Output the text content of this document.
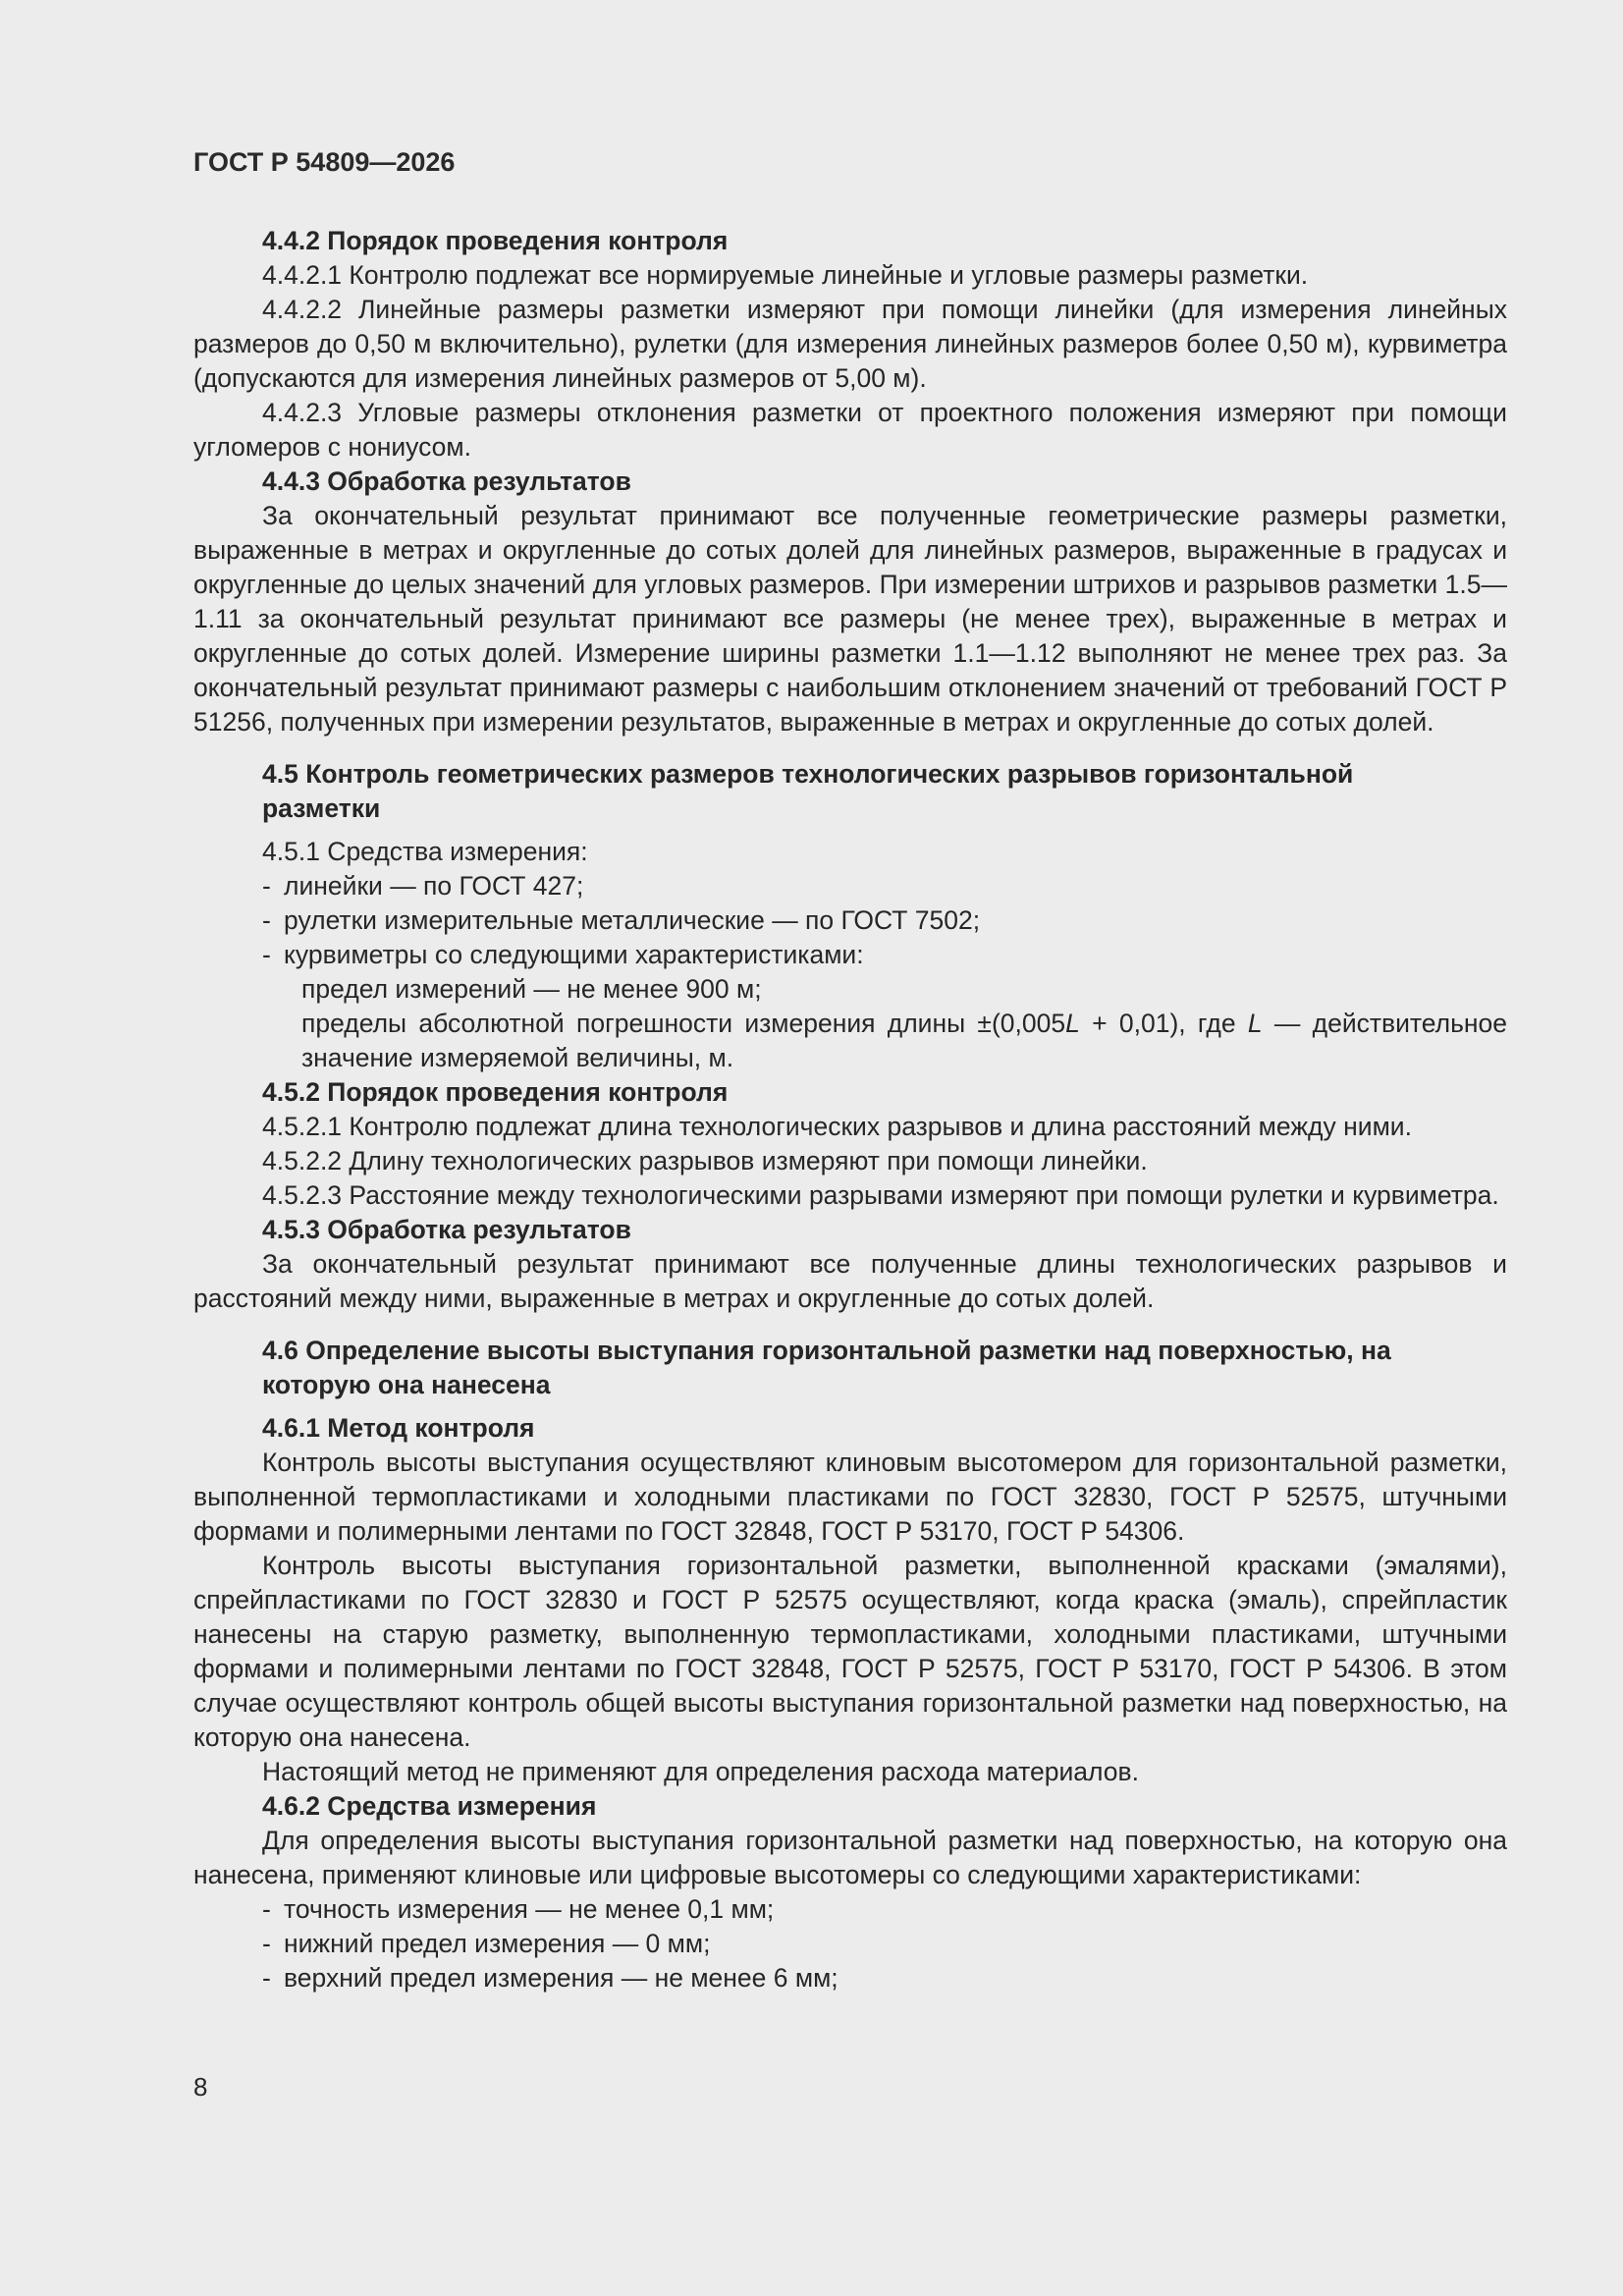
ГОСТ Р 54809—2026

4.4.2 Порядок проведения контроля

4.4.2.1 Контролю подлежат все нормируемые линейные и угловые размеры разметки.

4.4.2.2 Линейные размеры разметки измеряют при помощи линейки (для измерения линейных размеров до 0,50 м включительно), рулетки (для измерения линейных размеров более 0,50 м), курвиметра (допускаются для измерения линейных размеров от 5,00 м).

4.4.2.3 Угловые размеры отклонения разметки от проектного положения измеряют при помощи угломеров с нониусом.

4.4.3 Обработка результатов

За окончательный результат принимают все полученные геометрические размеры разметки, выраженные в метрах и округленные до сотых долей для линейных размеров, выраженные в градусах и округленные до целых значений для угловых размеров. При измерении штрихов и разрывов разметки 1.5—1.11 за окончательный результат принимают все размеры (не менее трех), выраженные в метрах и округленные до сотых долей. Измерение ширины разметки 1.1—1.12 выполняют не менее трех раз. За окончательный результат принимают размеры с наибольшим отклонением значений от требований ГОСТ Р 51256, полученных при измерении результатов, выраженные в метрах и округленные до сотых долей.

4.5 Контроль геометрических размеров технологических разрывов горизонтальной разметки

4.5.1 Средства измерения:

- линейки — по ГОСТ 427;

- рулетки измерительные металлические — по ГОСТ 7502;

- курвиметры со следующими характеристиками:

предел измерений — не менее 900 м;

пределы абсолютной погрешности измерения длины ±(0,005L + 0,01), где L — действительное значение измеряемой величины, м.

4.5.2 Порядок проведения контроля

4.5.2.1 Контролю подлежат длина технологических разрывов и длина расстояний между ними.

4.5.2.2 Длину технологических разрывов измеряют при помощи линейки.

4.5.2.3 Расстояние между технологическими разрывами измеряют при помощи рулетки и курвиметра.

4.5.3 Обработка результатов

За окончательный результат принимают все полученные длины технологических разрывов и расстояний между ними, выраженные в метрах и округленные до сотых долей.

4.6 Определение высоты выступания горизонтальной разметки над поверхностью, на которую она нанесена

4.6.1 Метод контроля

Контроль высоты выступания осуществляют клиновым высотомером для горизонтальной разметки, выполненной термопластиками и холодными пластиками по ГОСТ 32830, ГОСТ Р 52575, штучными формами и полимерными лентами по ГОСТ 32848, ГОСТ Р 53170, ГОСТ Р 54306.

Контроль высоты выступания горизонтальной разметки, выполненной красками (эмалями), спрейпластиками по ГОСТ 32830 и ГОСТ Р 52575 осуществляют, когда краска (эмаль), спрейпластик нанесены на старую разметку, выполненную термопластиками, холодными пластиками, штучными формами и полимерными лентами по ГОСТ 32848, ГОСТ Р 52575, ГОСТ Р 53170, ГОСТ Р 54306. В этом случае осуществляют контроль общей высоты выступания горизонтальной разметки над поверхностью, на которую она нанесена.

Настоящий метод не применяют для определения расхода материалов.

4.6.2 Средства измерения

Для определения высоты выступания горизонтальной разметки над поверхностью, на которую она нанесена, применяют клиновые или цифровые высотомеры со следующими характеристиками:

- точность измерения — не менее 0,1 мм;

- нижний предел измерения — 0 мм;

- верхний предел измерения — не менее 6 мм;

8
